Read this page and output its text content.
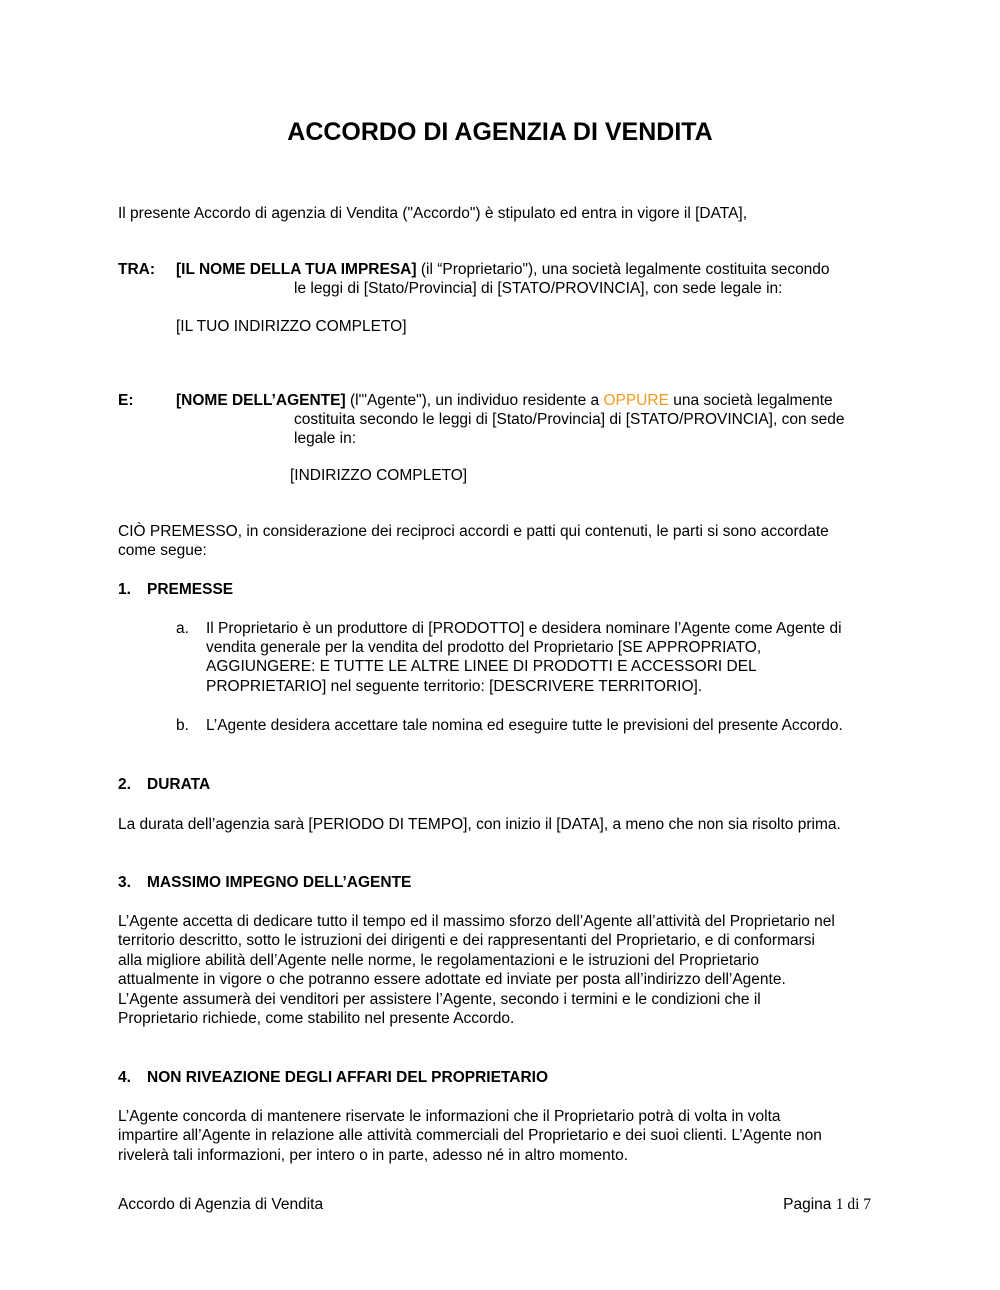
ACCORDO DI AGENZIA DI VENDITA
Il presente Accordo di agenzia di Vendita ("Accordo") è stipulato ed entra in vigore il [DATA],
TRA: [IL NOME DELLA TUA IMPRESA] (il “Proprietario"), una società legalmente costituita secondo
le leggi di [Stato/Provincia] di [STATO/PROVINCIA], con sede legale in:
[IL TUO INDIRIZZO COMPLETO]
E:	[NOME DELL’AGENTE] (l'"Agente"), un individuo residente a OPPURE una società legalmente
costituita secondo le leggi di [Stato/Provincia] di [STATO/PROVINCIA], con sede
legale in:
[INDIRIZZO COMPLETO]
CIÒ PREMESSO, in considerazione dei reciproci accordi e patti qui contenuti, le parti si sono accordate
come segue:
1. PREMESSE
a. Il Proprietario è un produttore di [PRODOTTO] e desidera nominare l’Agente come Agente di
vendita generale per la vendita del prodotto del Proprietario [SE APPROPRIATO,
AGGIUNGERE: E TUTTE LE ALTRE LINEE DI PRODOTTI E ACCESSORI DEL
PROPRIETARIO] nel seguente territorio: [DESCRIVERE TERRITORIO].
b. L’Agente desidera accettare tale nomina ed eseguire tutte le previsioni del presente Accordo.
2. DURATA
La durata dell’agenzia sarà [PERIODO DI TEMPO], con inizio il [DATA], a meno che non sia risolto prima.
3. MASSIMO IMPEGNO DELL’AGENTE
L’Agente accetta di dedicare tutto il tempo ed il massimo sforzo dell’Agente all’attività del Proprietario nel
territorio descritto, sotto le istruzioni dei dirigenti e dei rappresentanti del Proprietario, e di conformarsi
alla migliore abilità dell’Agente nelle norme, le regolamentazioni e le istruzioni del Proprietario
attualmente in vigore o che potranno essere adottate ed inviate per posta all’indirizzo dell’Agente.
L’Agente assumerà dei venditori per assistere l’Agente, secondo i termini e le condizioni che il
Proprietario richiede, come stabilito nel presente Accordo.
4. NON RIVEAZIONE DEGLI AFFARI DEL PROPRIETARIO
L’Agente concorda di mantenere riservate le informazioni che il Proprietario potrà di volta in volta
impartire all’Agente in relazione alle attività commerciali del Proprietario e dei suoi clienti. L’Agente non
rivelerà tali informazioni, per intero o in parte, adesso né in altro momento.
Accordo di Agenzia di Vendita	Pagina 1 di 7
